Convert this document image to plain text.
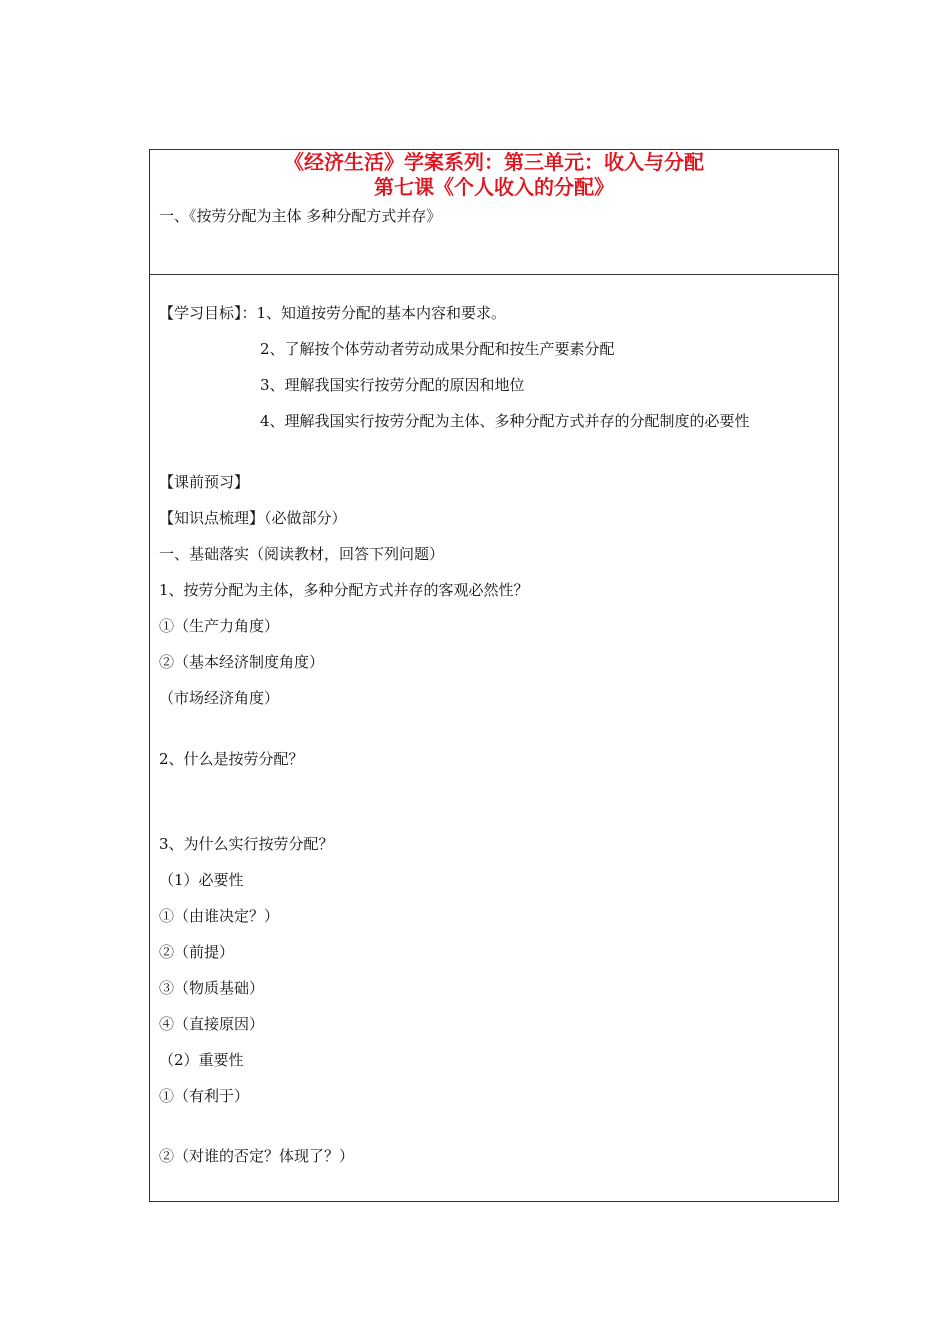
《经济生活》学案系列：第三单元：收入与分配
第七课《个人收入的分配》
一、《按劳分配为主体 多种分配方式并存》
【学习目标】：1、知道按劳分配的基本内容和要求。
2、了解按个体劳动者劳动成果分配和按生产要素分配
3、理解我国实行按劳分配的原因和地位
4、理解我国实行按劳分配为主体、多种分配方式并存的分配制度的必要性
【课前预习】
【知识点梳理】（必做部分）
一、基础落实（阅读教材，回答下列问题）
1、按劳分配为主体，多种分配方式并存的客观必然性？
①（生产力角度）
②（基本经济制度角度）
（市场经济角度）
2、什么是按劳分配？
3、为什么实行按劳分配？
（1）必要性
①（由谁决定？）
②（前提）
③（物质基础）
④（直接原因）
（2）重要性
①（有利于）
②（对谁的否定？体现了？）
